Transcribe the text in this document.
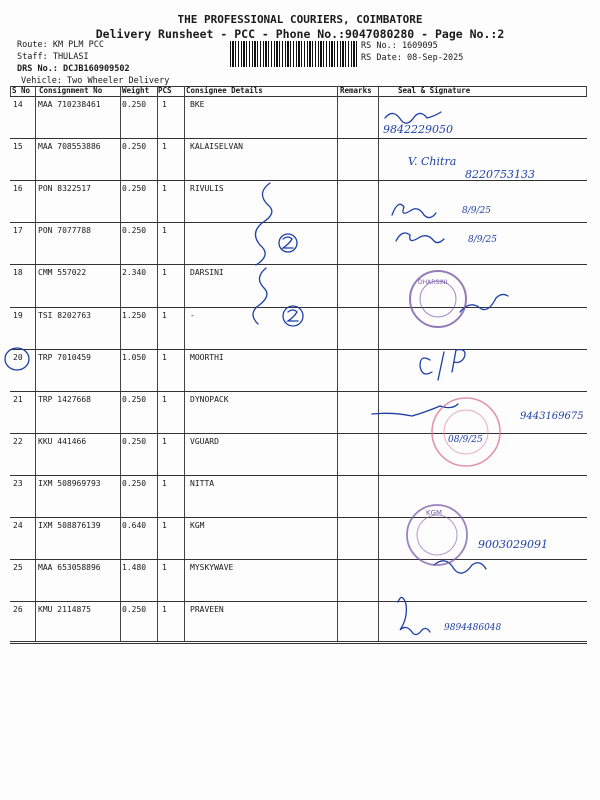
THE PROFESSIONAL COURIERS, COIMBATORE
Delivery Runsheet - PCC - Phone No.:9047080280 - Page No.:2
Route: KM PLM PCC
Staff: THULASI
DRS No.: DCJB160909502
Vehicle: Two Wheeler Delivery
RS No.: 1609095
RS Date: 08-Sep-2025
S No Consignment No	Weight PCS Consignee Details	Remarks	Seal & Signature
14 MAA 710238461	0.250 1	BKE
15 MAA 708553886	0.250 1	KALAISELVAN
16 PON 8322517	0.250 1	RIVULIS
17 PON 7077788	0.250 1
18 CMM 557022	2.340 1	DARSINI
19 TSI 8202763	1.250 1	-
20 TRP 7010459	1.050 1	MOORTHI
21 TRP 1427668	0.250 1	DYNOPACK
22 KKU 441466	0.250 1	VGUARD
23 IXM 508969793	0.250 1	NITTA
24 IXM 508876139	0.640 1	KGM
25 MAA 653058896	1.480 1	MYSKYWAVE
26 KMU 2114875	0.250 1	PRAVEEN
9842229050
V. Chitra
8220753133
8/9/25
8/9/25
9443169675
08/9/25
9003029091
9894486048
DHARSINI
KGM
